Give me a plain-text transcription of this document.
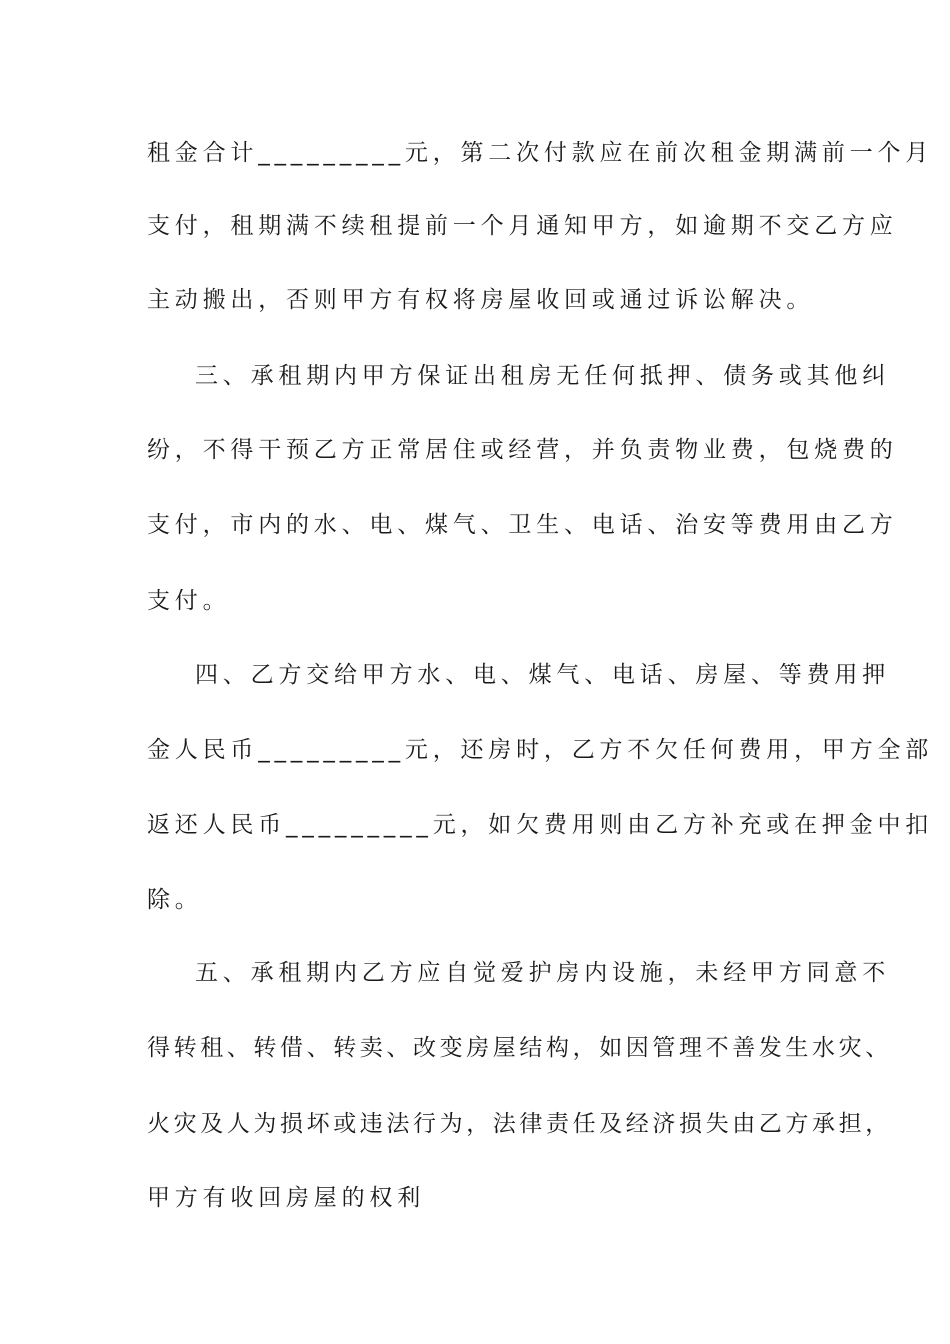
租金合计_________元，第二次付款应在前次租金期满前一个月
支付，租期满不续租提前一个月通知甲方，如逾期不交乙方应
主动搬出，否则甲方有权将房屋收回或通过诉讼解决。
三、承租期内甲方保证出租房无任何抵押、债务或其他纠
纷，不得干预乙方正常居住或经营，并负责物业费，包烧费的
支付，市内的水、电、煤气、卫生、电话、治安等费用由乙方
支付。
四、乙方交给甲方水、电、煤气、电话、房屋、等费用押
金人民币_________元，还房时，乙方不欠任何费用，甲方全部
返还人民币_________元，如欠费用则由乙方补充或在押金中扣
除。
五、承租期内乙方应自觉爱护房内设施，未经甲方同意不
得转租、转借、转卖、改变房屋结构，如因管理不善发生水灾、
火灾及人为损坏或违法行为，法律责任及经济损失由乙方承担，
甲方有收回房屋的权利
